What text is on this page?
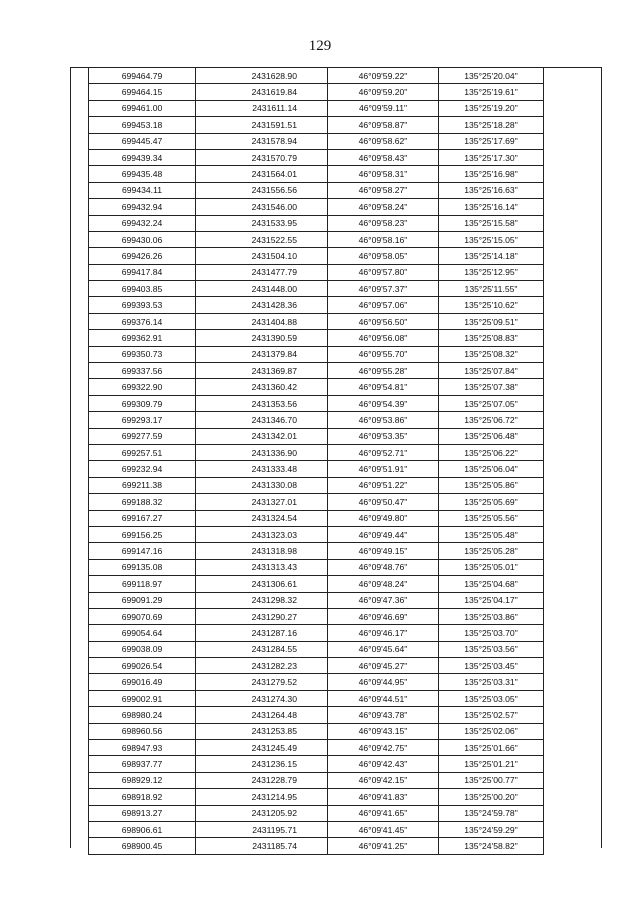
129
699464.79	2431628.90	46°09'59.22"	135°25'20.04"	
699464.15	2431619.84	46°09'59.20"	135°25'19.61"	
699461.00	2431611.14	46°09'59.11"	135°25'19.20"	
699453.18	2431591.51	46°09'58.87"	135°25'18.28"	
699445.47	2431578.94	46°09'58.62"	135°25'17.69"	
699439.34	2431570.79	46°09'58.43"	135°25'17.30"	
699435.48	2431564.01	46°09'58.31"	135°25'16.98"	
699434.11	2431556.56	46°09'58.27"	135°25'16.63"	
699432.94	2431546.00	46°09'58.24"	135°25'16.14"	
699432.24	2431533.95	46°09'58.23"	135°25'15.58"	
699430.06	2431522.55	46°09'58.16"	135°25'15.05"	
699426.26	2431504.10	46°09'58.05"	135°25'14.18"	
699417.84	2431477.79	46°09'57.80"	135°25'12.95"	
699403.85	2431448.00	46°09'57.37"	135°25'11.55"	
699393.53	2431428.36	46°09'57.06"	135°25'10.62"	
699376.14	2431404.88	46°09'56.50"	135°25'09.51"	
699362.91	2431390.59	46°09'56.08"	135°25'08.83"	
699350.73	2431379.84	46°09'55.70"	135°25'08.32"	
699337.56	2431369.87	46°09'55.28"	135°25'07.84"	
699322.90	2431360.42	46°09'54.81"	135°25'07.38"	
699309.79	2431353.56	46°09'54.39"	135°25'07.05"	
699293.17	2431346.70	46°09'53.86"	135°25'06.72"	
699277.59	2431342.01	46°09'53.35"	135°25'06.48"	
699257.51	2431336.90	46°09'52.71"	135°25'06.22"	
699232.94	2431333.48	46°09'51.91"	135°25'06.04"	
699211.38	2431330.08	46°09'51.22"	135°25'05.86"	
699188.32	2431327.01	46°09'50.47"	135°25'05.69"	
699167.27	2431324.54	46°09'49.80"	135°25'05.56"	
699156.25	2431323.03	46°09'49.44"	135°25'05.48"	
699147.16	2431318.98	46°09'49.15"	135°25'05.28"	
699135.08	2431313.43	46°09'48.76"	135°25'05.01"	
699118.97	2431306.61	46°09'48.24"	135°25'04.68"	
699091.29	2431298.32	46°09'47.36"	135°25'04.17"	
699070.69	2431290.27	46°09'46.69"	135°25'03.86"	
699054.64	2431287.16	46°09'46.17"	135°25'03.70"	
699038.09	2431284.55	46°09'45.64"	135°25'03.56"	
699026.54	2431282.23	46°09'45.27"	135°25'03.45"	
699016.49	2431279.52	46°09'44.95"	135°25'03.31"	
699002.91	2431274.30	46°09'44.51"	135°25'03.05"	
698980.24	2431264.48	46°09'43.78"	135°25'02.57"	
698960.56	2431253.85	46°09'43.15"	135°25'02.06"	
698947.93	2431245.49	46°09'42.75"	135°25'01.66"	
698937.77	2431236.15	46°09'42.43"	135°25'01.21"	
698929.12	2431228.79	46°09'42.15"	135°25'00.77"	
698918.92	2431214.95	46°09'41.83"	135°25'00.20"	
698913.27	2431205.92	46°09'41.65"	135°24'59.78"	
698906.61	2431195.71	46°09'41.45"	135°24'59.29"	
698900.45	2431185.74	46°09'41.25"	135°24'58.82"	
